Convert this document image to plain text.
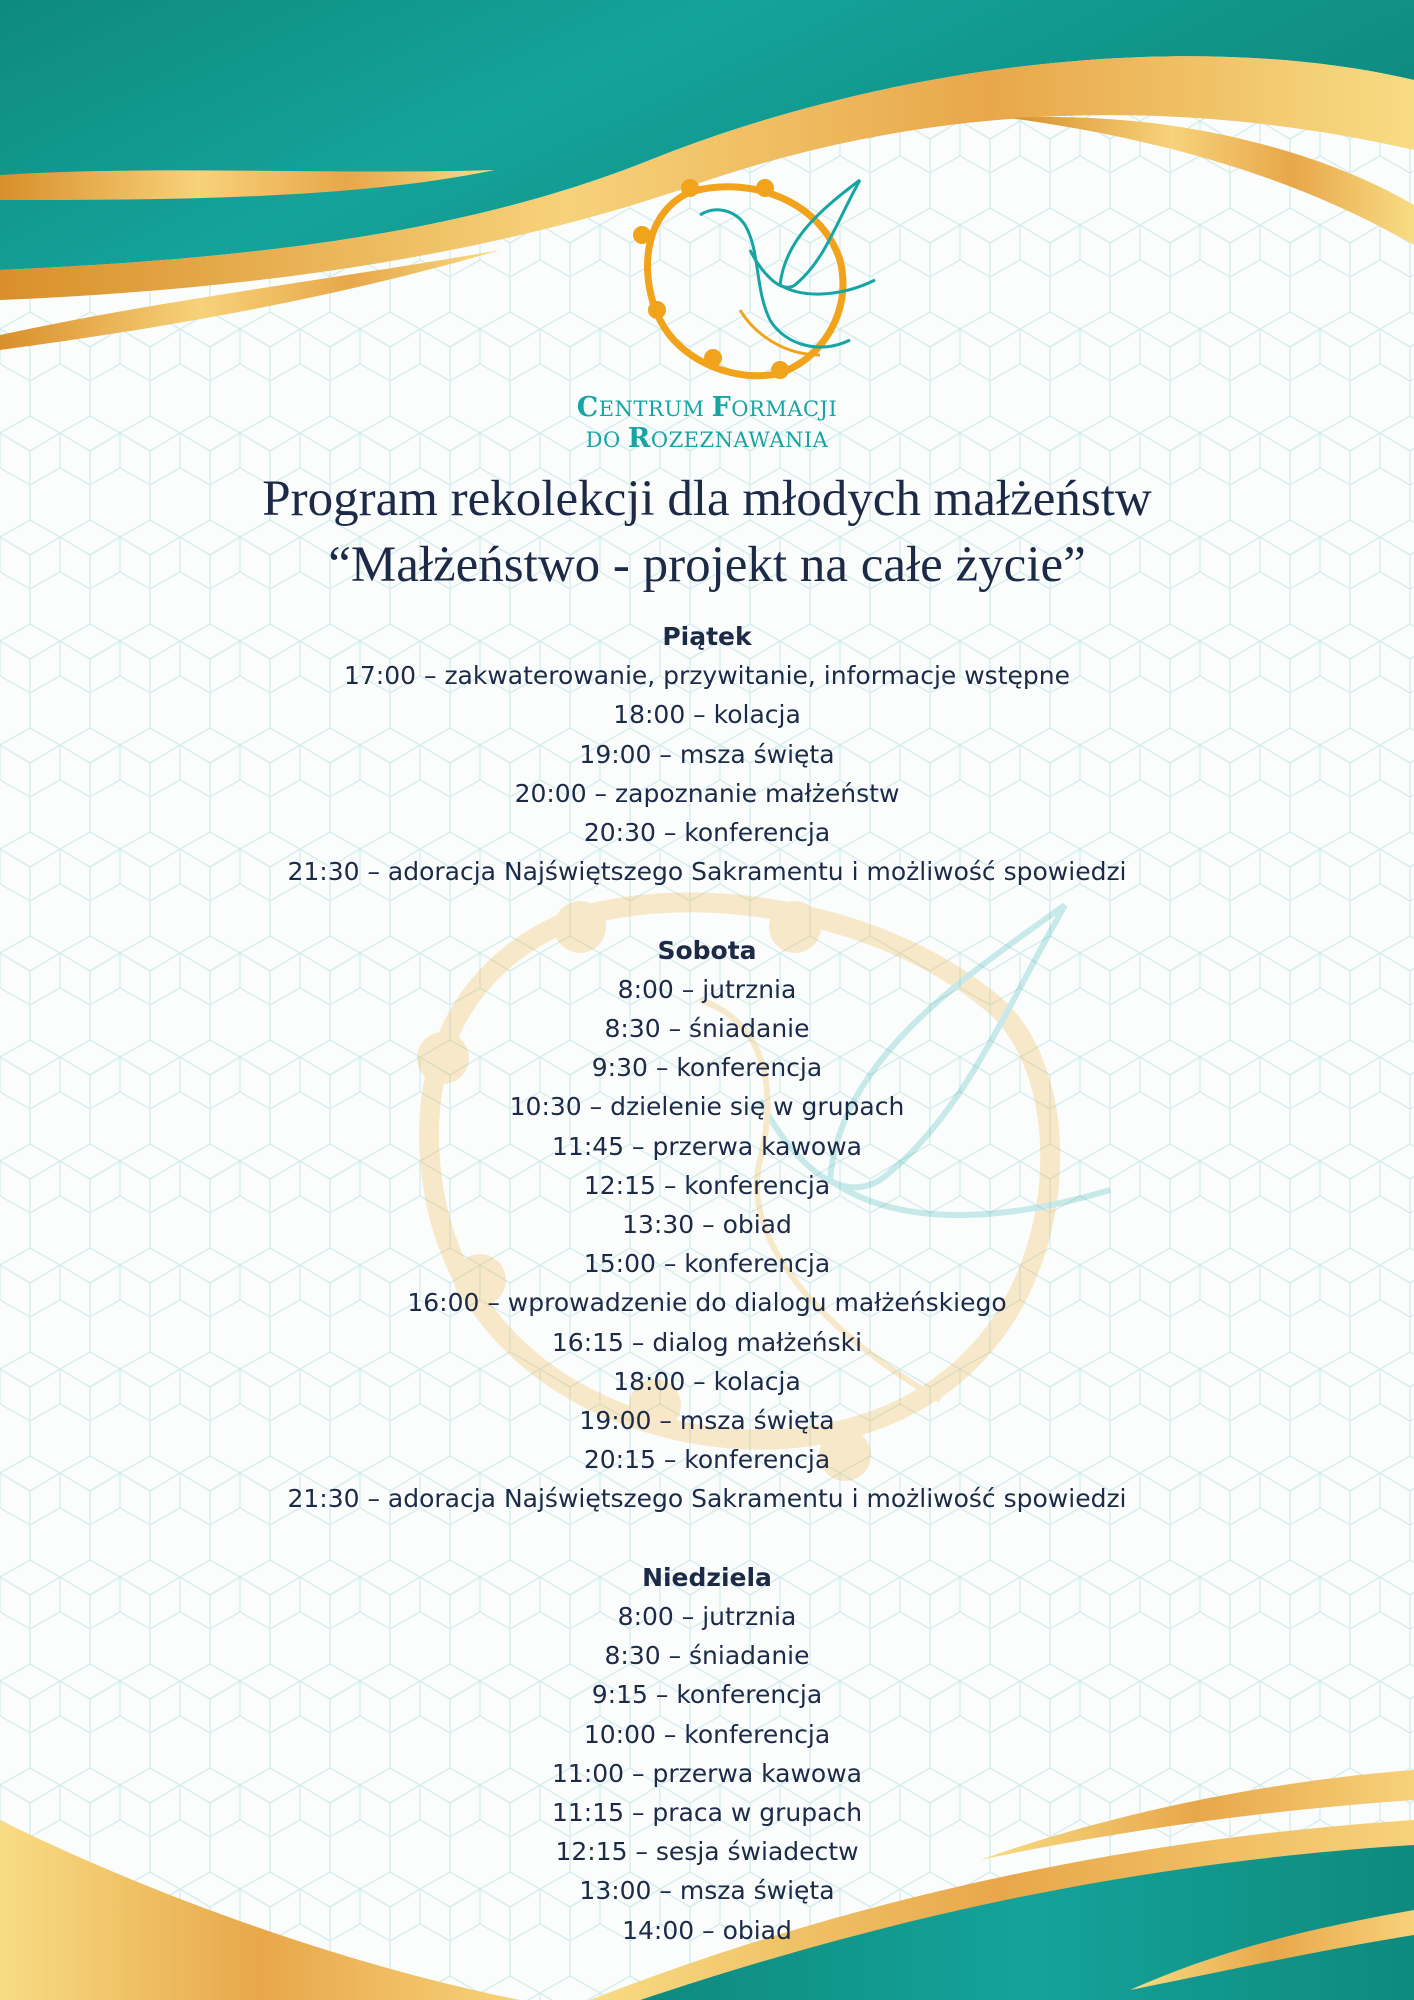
CENTRUM FORMACJI
DO ROZEZNAWANIA
Program rekolekcji dla młodych małżeństw
“Małżeństwo - projekt na całe życie”
Piątek
17:00 – zakwaterowanie, przywitanie, informacje wstępne
18:00 – kolacja
19:00 – msza święta
20:00 – zapoznanie małżeństw
20:30 – konferencja
21:30 – adoracja Najświętszego Sakramentu i możliwość spowiedzi
Sobota
8:00 – jutrznia
8:30 – śniadanie
9:30 – konferencja
10:30 – dzielenie się w grupach
11:45 – przerwa kawowa
12:15 – konferencja
13:30 – obiad
15:00 – konferencja
16:00 – wprowadzenie do dialogu małżeńskiego
16:15 – dialog małżeński
18:00 – kolacja
19:00 – msza święta
20:15 – konferencja
21:30 – adoracja Najświętszego Sakramentu i możliwość spowiedzi
Niedziela
8:00 – jutrznia
8:30 – śniadanie
9:15 – konferencja
10:00 – konferencja
11:00 – przerwa kawowa
11:15 – praca w grupach
12:15 – sesja świadectw
13:00 – msza święta
14:00 – obiad
